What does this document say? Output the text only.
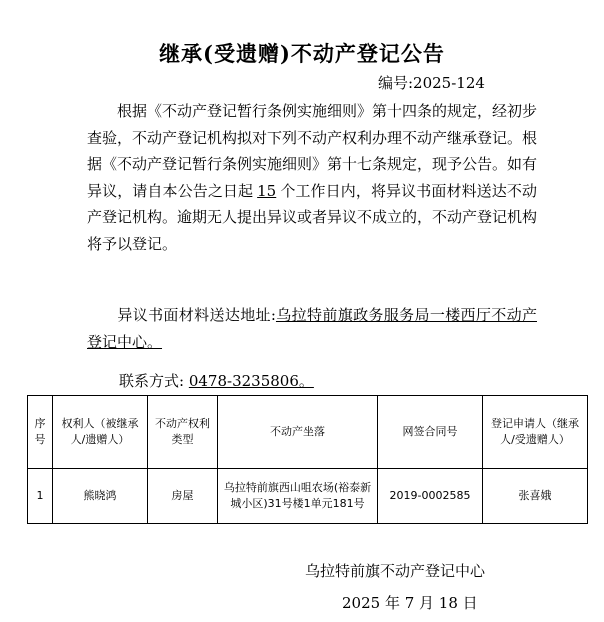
继承(受遗赠)不动产登记公告
编号:2025-124
根据《不动产登记暂行条例实施细则》第十四条的规定，经初步查验，不动产登记机构拟对下列不动产权利办理不动产继承登记。根据《不动产登记暂行条例实施细则》第十七条规定，现予公告。如有异议，请自本公告之日起 15 个工作日内，将异议书面材料送达不动产登记机构。逾期无人提出异议或者异议不成立的，不动产登记机构将予以登记。
异议书面材料送达地址:乌拉特前旗政务服务局一楼西厅不动产登记中心。
联系方式: 0478-3235806。
序号	权利人（被继承人/遗赠人）	不动产权利类型	不动产坐落	网签合同号	登记申请人（继承人/受遗赠人）
1	熊晓鸿	房屋	乌拉特前旗西山咀农场(裕泰新城小区)31号楼1单元181号	2019-0002585	张喜娥
乌拉特前旗不动产登记中心
2025 年 7 月 18 日
